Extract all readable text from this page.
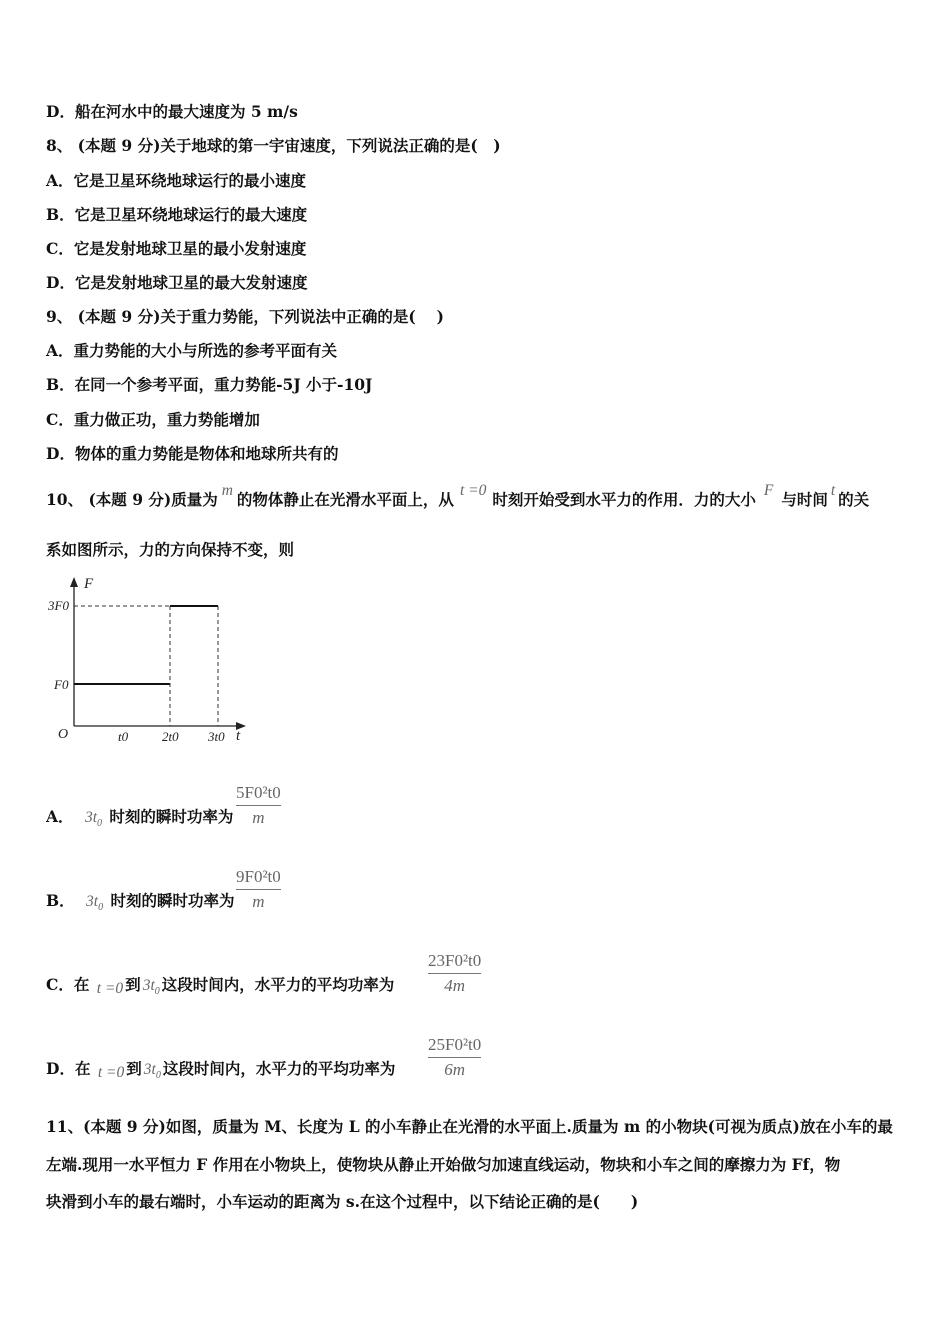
D．船在河水中的最大速度为 5 m/s
8、 (本题 9 分)关于地球的第一宇宙速度，下列说法正确的是(　)
A．它是卫星环绕地球运行的最小速度
B．它是卫星环绕地球运行的最大速度
C．它是发射地球卫星的最小发射速度
D．它是发射地球卫星的最大发射速度
9、 (本题 9 分)关于重力势能，下列说法中正确的是(　 )
A．重力势能的大小与所选的参考平面有关
B．在同一个参考平面，重力势能-5J 小于-10J
C．重力做正功，重力势能增加
D．物体的重力势能是物体和地球所共有的
10、 (本题 9 分)质量为 m 的物体静止在光滑水平面上，从 t =0 时刻开始受到水平力的作用．力的大小 F 与时间 t 的关
系如图所示，力的方向保持不变，则
F
t
O
3F0
F0
t0	2t0 3t0
A． $3t_0$ 时刻的瞬时功率为
5F0²t0
m
B． $3t_0$ 时刻的瞬时功率为
9F0²t0
m
C．在 t =0 到 $3t_0$ 这段时间内，水平力的平均功率为
23F0²t0
4m
D．在 t =0 到 $3t_0$ 这段时间内，水平力的平均功率为
25F0²t0
6m
11、(本题 9 分)如图，质量为 M、长度为 L 的小车静止在光滑的水平面上.质量为 m 的小物块(可视为质点)放在小车的最
左端.现用一水平恒力 F 作用在小物块上，使物块从静止开始做匀加速直线运动，物块和小车之间的摩擦力为 Ff，物
块滑到小车的最右端时，小车运动的距离为 s.在这个过程中，以下结论正确的是(　　)
